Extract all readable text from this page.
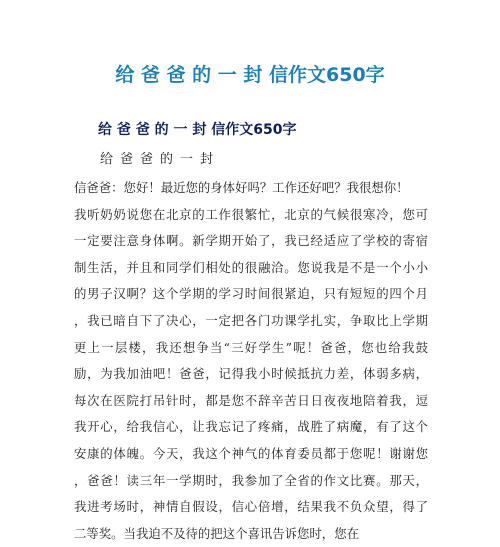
给 爸 爸 的 一 封 信作文650字
给 爸 爸 的 一 封 信作文650字
给爸爸的一封
信爸爸：您好！最近您的身体好吗？工作还好吧？我很想你！
我听奶奶说您在北京的工作很繁忙，北京的气候很寒冷，您可
一定要注意身体啊。新学期开始了，我已经适应了学校的寄宿
制生活，并且和同学们相处的很融洽。您说我是不是一个小小
的男子汉啊？这个学期的学习时间很紧迫，只有短短的四个月
，我已暗自下了决心，一定把各门功课学扎实，争取比上学期
更上一层楼，我还想争当“三好学生”呢！爸爸，您也给我鼓
励，为我加油吧！爸爸，记得我小时候抵抗力差，体弱多病，
每次在医院打吊针时，都是您不辞辛苦日日夜夜地陪着我，逗
我开心，给我信心，让我忘记了疼痛，战胜了病魔，有了这个
安康的体魄。今天，我这个神气的体育委员都于您呢！谢谢您
，爸爸！读三年一学期时，我参加了全省的作文比赛。那天，
我进考场时，神情自假设，信心倍增，结果我不负众望，得了
二等奖。当我迫不及待的把这个喜讯告诉您时，您在
